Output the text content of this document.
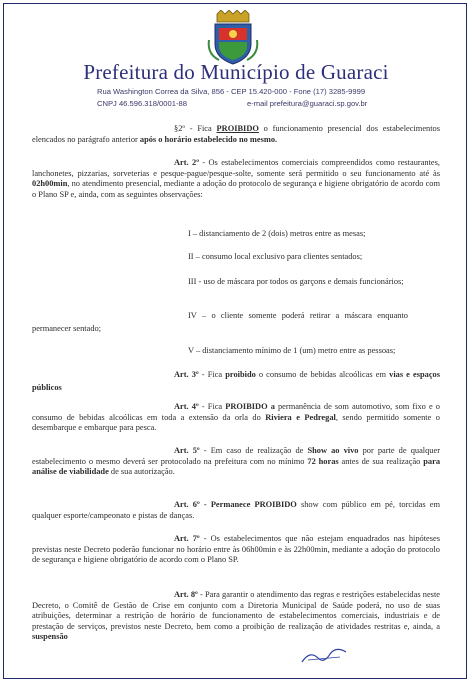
Prefeitura do Município de Guaraci
Rua Washington Correa da Silva, 856 - CEP 15.420-000 - Fone (17) 3285-9999
CNPJ 46.596.318/0001-88	e-mail prefeitura@guaraci.sp.gov.br
§2º - Fica PROIBIDO o funcionamento presencial dos estabelecimentos elencados no parágrafo anterior após o horário estabelecido no mesmo.
Art. 2º - Os estabelecimentos comerciais compreendidos como restaurantes, lanchonetes, pizzarias, sorveterias e pesque-pague/pesque-solte, somente será permitido o seu funcionamento até às 02h00min, no atendimento presencial, mediante a adoção do protocolo de segurança e higiene obrigatório de acordo com o Plano SP e, ainda, com as seguintes observações:
I – distanciamento de 2 (dois) metros entre as mesas;
II – consumo local exclusivo para clientes sentados;
III - uso de máscara por todos os garçons e demais funcionários;
IV – o cliente somente poderá retirar a máscara enquanto permanecer sentado;
V – distanciamento mínimo de 1 (um) metro entre as pessoas;
Art. 3º - Fica proibido o consumo de bebidas alcoólicas em vias e espaços públicos
Art. 4º - Fica PROIBIDO a permanência de som automotivo, som fixo e o consumo de bebidas alcoólicas em toda a extensão da orla do Riviera e Pedregal, sendo permitido somente o desembarque e embarque para pesca.
Art. 5º - Em caso de realização de Show ao vivo por parte de qualquer estabelecimento o mesmo deverá ser protocolado na prefeitura com no mínimo 72 horas antes de sua realização para análise de viabilidade de sua autorização.
Art. 6º - Permanece PROIBIDO show com público em pé, torcidas em qualquer esporte/campeonato e pistas de danças.
Art. 7º - Os estabelecimentos que não estejam enquadrados nas hipóteses previstas neste Decreto poderão funcionar no horário entre às 06h00min e às 22h00min, mediante a adoção do protocolo de segurança e higiene obrigatório de acordo com o Plano SP.
Art. 8º - Para garantir o atendimento das regras e restrições estabelecidas neste Decreto, o Comitê de Gestão de Crise em conjunto com a Diretoria Municipal de Saúde poderá, no uso de suas atribuições, determinar a restrição de horário de funcionamento de estabelecimentos comerciais, industriais e de prestação de serviços, previstos neste Decreto, bem como a proibição de realização de atividades restritas e, ainda, a suspensão
